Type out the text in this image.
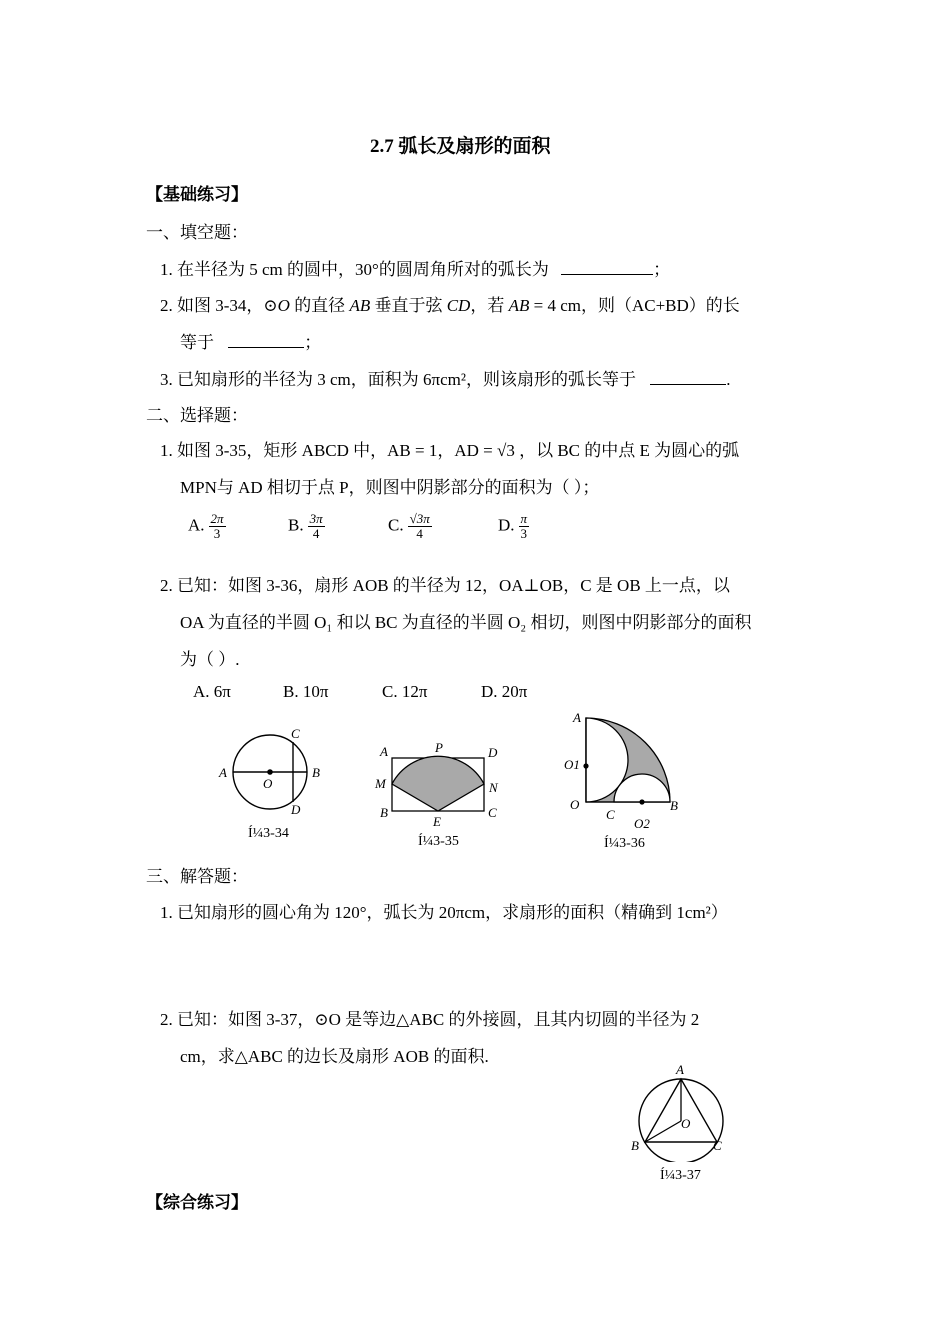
2.7 弧长及扇形的面积
【基础练习】
一、填空题：
1. 在半径为 5 cm 的圆中，30°的圆周角所对的弧长为	；
2. 如图 3-34，⊙O 的直径 AB 垂直于弦 CD，若 AB = 4 cm，则（AC+BD）的长
等于	；
3. 已知扇形的半径为 3 cm，面积为 6πcm²，则该扇形的弧长等于	.
二、选择题：
1. 如图 3-35，矩形 ABCD 中，AB = 1，AD = √3 ，以 BC 的中点 E 为圆心的弧
MPN与 AD 相切于点 P，则图中阴影部分的面积为（ ）；
A. $\frac{2\pi}{3}$	B. $\frac{3\pi}{4}$	C. $\frac{√3\pi}{4}$	D. $\frac{\pi}{3}$
2. 已知：如图 3-36，扇形 AOB 的半径为 12，OA⊥OB，C 是 OB 上一点，以
OA 为直径的半圆 O₁ 和以 BC 为直径的半圆 O₂ 相切，则图中阴影部分的面积
为（ ）.
A. 6π	B. 10π	C. 12π	D. 20π
A
O
B
C
D
Í¼3-34
A	P	D
M	N
B
E
C
Í¼3-35
A
O1
O
C
O2
B
Í¼3-36
三、解答题：
1. 已知扇形的圆心角为 120°，弧长为 20πcm，求扇形的面积（精确到 1cm²）
2. 已知：如图 3-37，⊙O 是等边△ABC 的外接圆，且其内切圆的半径为 2
cm，求△ABC 的边长及扇形 AOB 的面积.
A
O
B	C
Í¼3-37
【综合练习】
